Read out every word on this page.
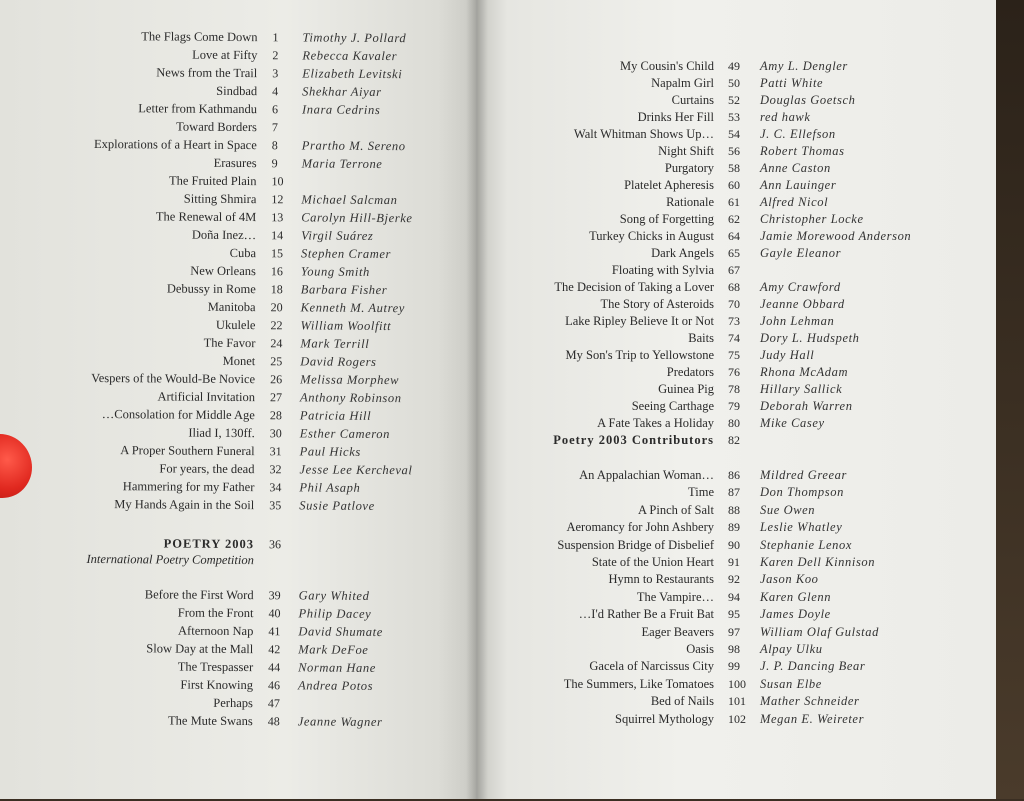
The Flags Come Down 1 Timothy J. Pollard
Love at Fifty 2 Rebecca Kavaler
News from the Trail 3 Elizabeth Levitski
Sindbad 4 Shekhar Aiyar
Letter from Kathmandu 6 Inara Cedrins
Toward Borders 7
Explorations of a Heart in Space 8 Prartho M. Sereno
Erasures 9 Maria Terrone
The Fruited Plain 10
Sitting Shmira 12 Michael Salcman
The Renewal of 4M 13 Carolyn Hill-Bjerke
Doña Inez… 14 Virgil Suárez
Cuba 15 Stephen Cramer
New Orleans 16 Young Smith
Debussy in Rome 18 Barbara Fisher
Manitoba 20 Kenneth M. Autrey
Ukulele 22 William Woolfitt
The Favor 24 Mark Terrill
Monet 25 David Rogers
Vespers of the Would-Be Novice 26 Melissa Morphew
Artificial Invitation 27 Anthony Robinson
…Consolation for Middle Age 28 Patricia Hill
Iliad I, 130ff. 30 Esther Cameron
A Proper Southern Funeral 31 Paul Hicks
For years, the dead 32 Jesse Lee Kercheval
Hammering for my Father 34 Phil Asaph
My Hands Again in the Soil 35 Susie Patlove
POETRY 2003 36
International Poetry Competition
Before the First Word 39 Gary Whited
From the Front 40 Philip Dacey
Afternoon Nap 41 David Shumate
Slow Day at the Mall 42 Mark DeFoe
The Trespasser 44 Norman Hane
First Knowing 46 Andrea Potos
Perhaps 47
The Mute Swans 48 Jeanne Wagner
My Cousin's Child 49 Amy L. Dengler
Napalm Girl 50 Patti White
Curtains 52 Douglas Goetsch
Drinks Her Fill 53 red hawk
Walt Whitman Shows Up… 54 J. C. Ellefson
Night Shift 56 Robert Thomas
Purgatory 58 Anne Caston
Platelet Apheresis 60 Ann Lauinger
Rationale 61 Alfred Nicol
Song of Forgetting 62 Christopher Locke
Turkey Chicks in August 64 Jamie Morewood Anderson
Dark Angels 65 Gayle Eleanor
Floating with Sylvia 67
The Decision of Taking a Lover 68 Amy Crawford
The Story of Asteroids 70 Jeanne Obbard
Lake Ripley Believe It or Not 73 John Lehman
Baits 74 Dory L. Hudspeth
My Son's Trip to Yellowstone 75 Judy Hall
Predators 76 Rhona McAdam
Guinea Pig 78 Hillary Sallick
Seeing Carthage 79 Deborah Warren
A Fate Takes a Holiday 80 Mike Casey
Poetry 2003 Contributors 82
An Appalachian Woman… 86 Mildred Greear
Time 87 Don Thompson
A Pinch of Salt 88 Sue Owen
Aeromancy for John Ashbery 89 Leslie Whatley
Suspension Bridge of Disbelief 90 Stephanie Lenox
State of the Union Heart 91 Karen Dell Kinnison
Hymn to Restaurants 92 Jason Koo
The Vampire… 94 Karen Glenn
…I'd Rather Be a Fruit Bat 95 James Doyle
Eager Beavers 97 William Olaf Gulstad
Oasis 98 Alpay Ulku
Gacela of Narcissus City 99 J. P. Dancing Bear
The Summers, Like Tomatoes 100 Susan Elbe
Bed of Nails 101 Mather Schneider
Squirrel Mythology 102 Megan E. Weireter
